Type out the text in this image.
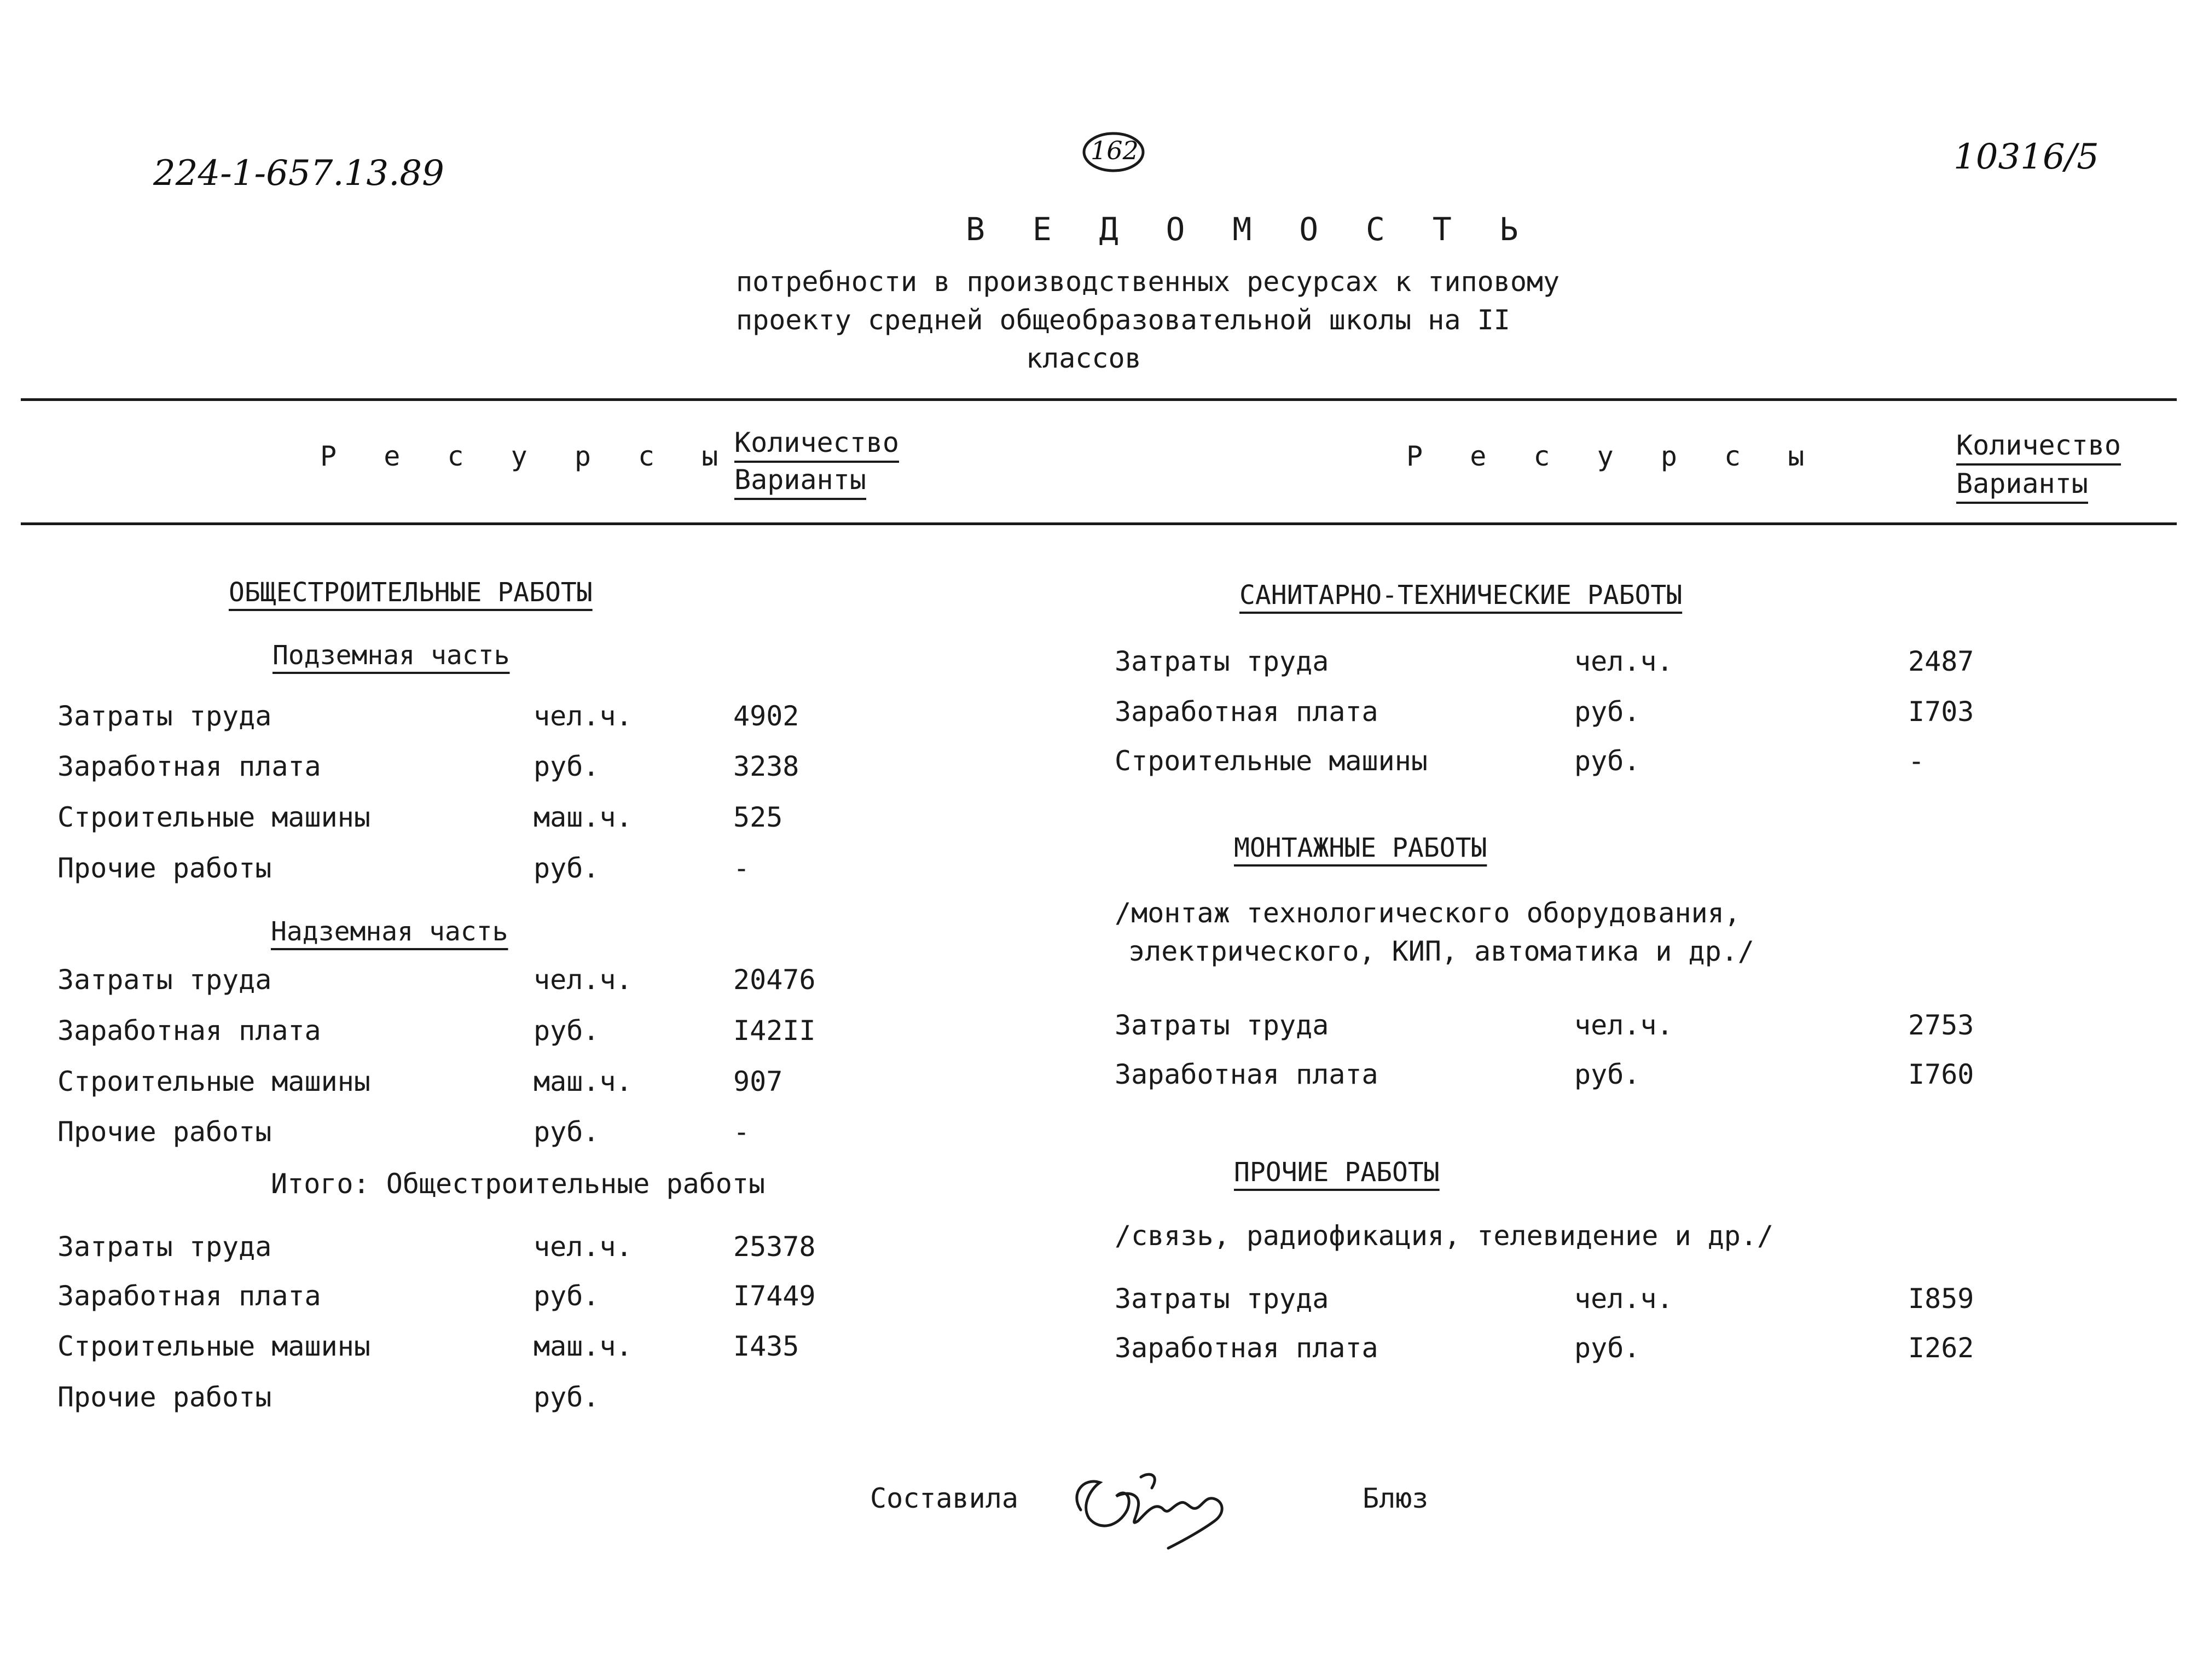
224-1-657.13.89
162	10316/5
В Е Д О М О С Т Ь
потребности в производственных ресурсах к типовому
проекту средней общеобразовательной школы на II
классов
Р е с у р с ы Количество
Варианты
Р е с у р с ы	Количество
Варианты
ОБЩЕСТРОИТЕЛЬНЫЕ РАБОТЫ
Подземная часть
Затраты труда	чел.ч.	4902
Заработная плата	руб.	3238
Строительные машины	маш.ч.	525
Прочие работы	руб.	-
Надземная часть
Затраты труда	чел.ч.	20476
Заработная плата	руб.	I42II
Строительные машины	маш.ч.	907
Прочие работы	руб.	-
Итого: Общестроительные работы
Затраты труда	чел.ч.	25378
Заработная плата	руб.	I7449
Строительные машины	маш.ч.	I435
Прочие работы	руб.
САНИТАРНО-ТЕХНИЧЕСКИЕ РАБОТЫ
Затраты труда	чел.ч.	2487
Заработная плата	руб.	I703
Строительные машины	руб.	-
МОНТАЖНЫЕ РАБОТЫ
/монтаж технологического оборудования,
электрического, КИП, автоматика и др./
Затраты труда	чел.ч.	2753
Заработная плата	руб.	I760
ПРОЧИЕ РАБОТЫ
/связь, радиофикация, телевидение и др./
Затраты труда	чел.ч.	I859
Заработная плата	руб.	I262
Составила	Блюз
